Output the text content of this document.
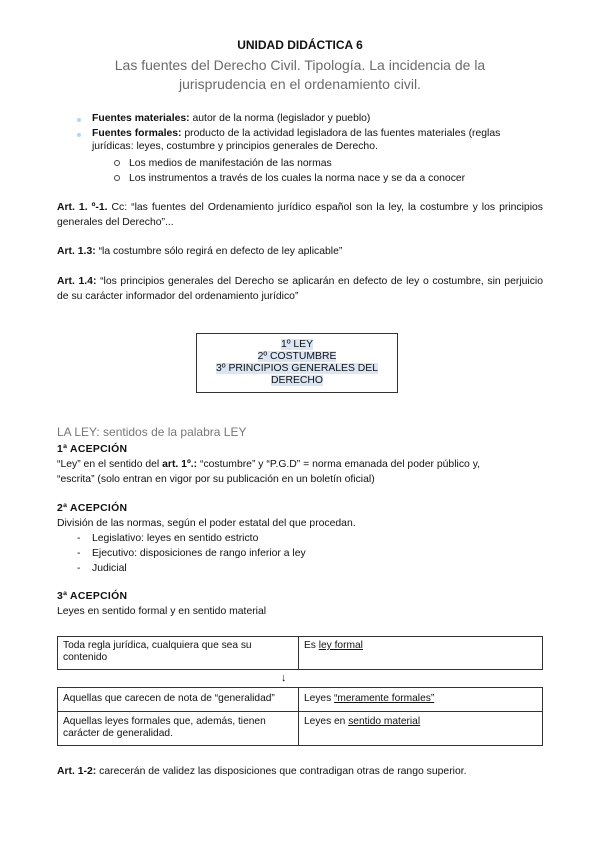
UNIDAD DIDÁCTICA 6
Las fuentes del Derecho Civil. Tipología. La incidencia de la
jurisprudencia en el ordenamiento civil.
Fuentes materiales: autor de la norma (legislador y pueblo)
Fuentes formales: producto de la actividad legisladora de las fuentes materiales (reglas
jurídicas: leyes, costumbre y principios generales de Derecho.
Los medios de manifestación de las normas
Los instrumentos a través de los cuales la norma nace y se da a conocer
Art. 1. º-1. Cc: “las fuentes del Ordenamiento jurídico español son la ley, la costumbre y los principios generales del Derecho”...
Art. 1.3: “la costumbre sólo regirá en defecto de ley aplicable”
Art. 1.4: “los principios generales del Derecho se aplicarán en defecto de ley o costumbre, sin perjuicio de su carácter informador del ordenamiento jurídico”
1º LEY
2º COSTUMBRE
3º PRINCIPIOS GENERALES DEL
DERECHO
LA LEY: sentidos de la palabra LEY
1ª ACEPCIÓN
“Ley” en el sentido del art. 1º.: “costumbre” y “P.G.D” = norma emanada del poder público y,
“escrita” (solo entran en vigor por su publicación en un boletín oficial)
2ª ACEPCIÓN
División de las normas, según el poder estatal del que procedan.
- Legislativo: leyes en sentido estricto
- Ejecutivo: disposiciones de rango inferior a ley
- Judicial
3ª ACEPCIÓN
Leyes en sentido formal y en sentido material
Toda regla jurídica, cualquiera que sea su contenido	Es ley formal
↓
Aquellas que carecen de nota de “generalidad”	Leyes “meramente formales”
Aquellas leyes formales que, además, tienen carácter de generalidad.	Leyes en sentido material
Art. 1-2: carecerán de validez las disposiciones que contradigan otras de rango superior.
